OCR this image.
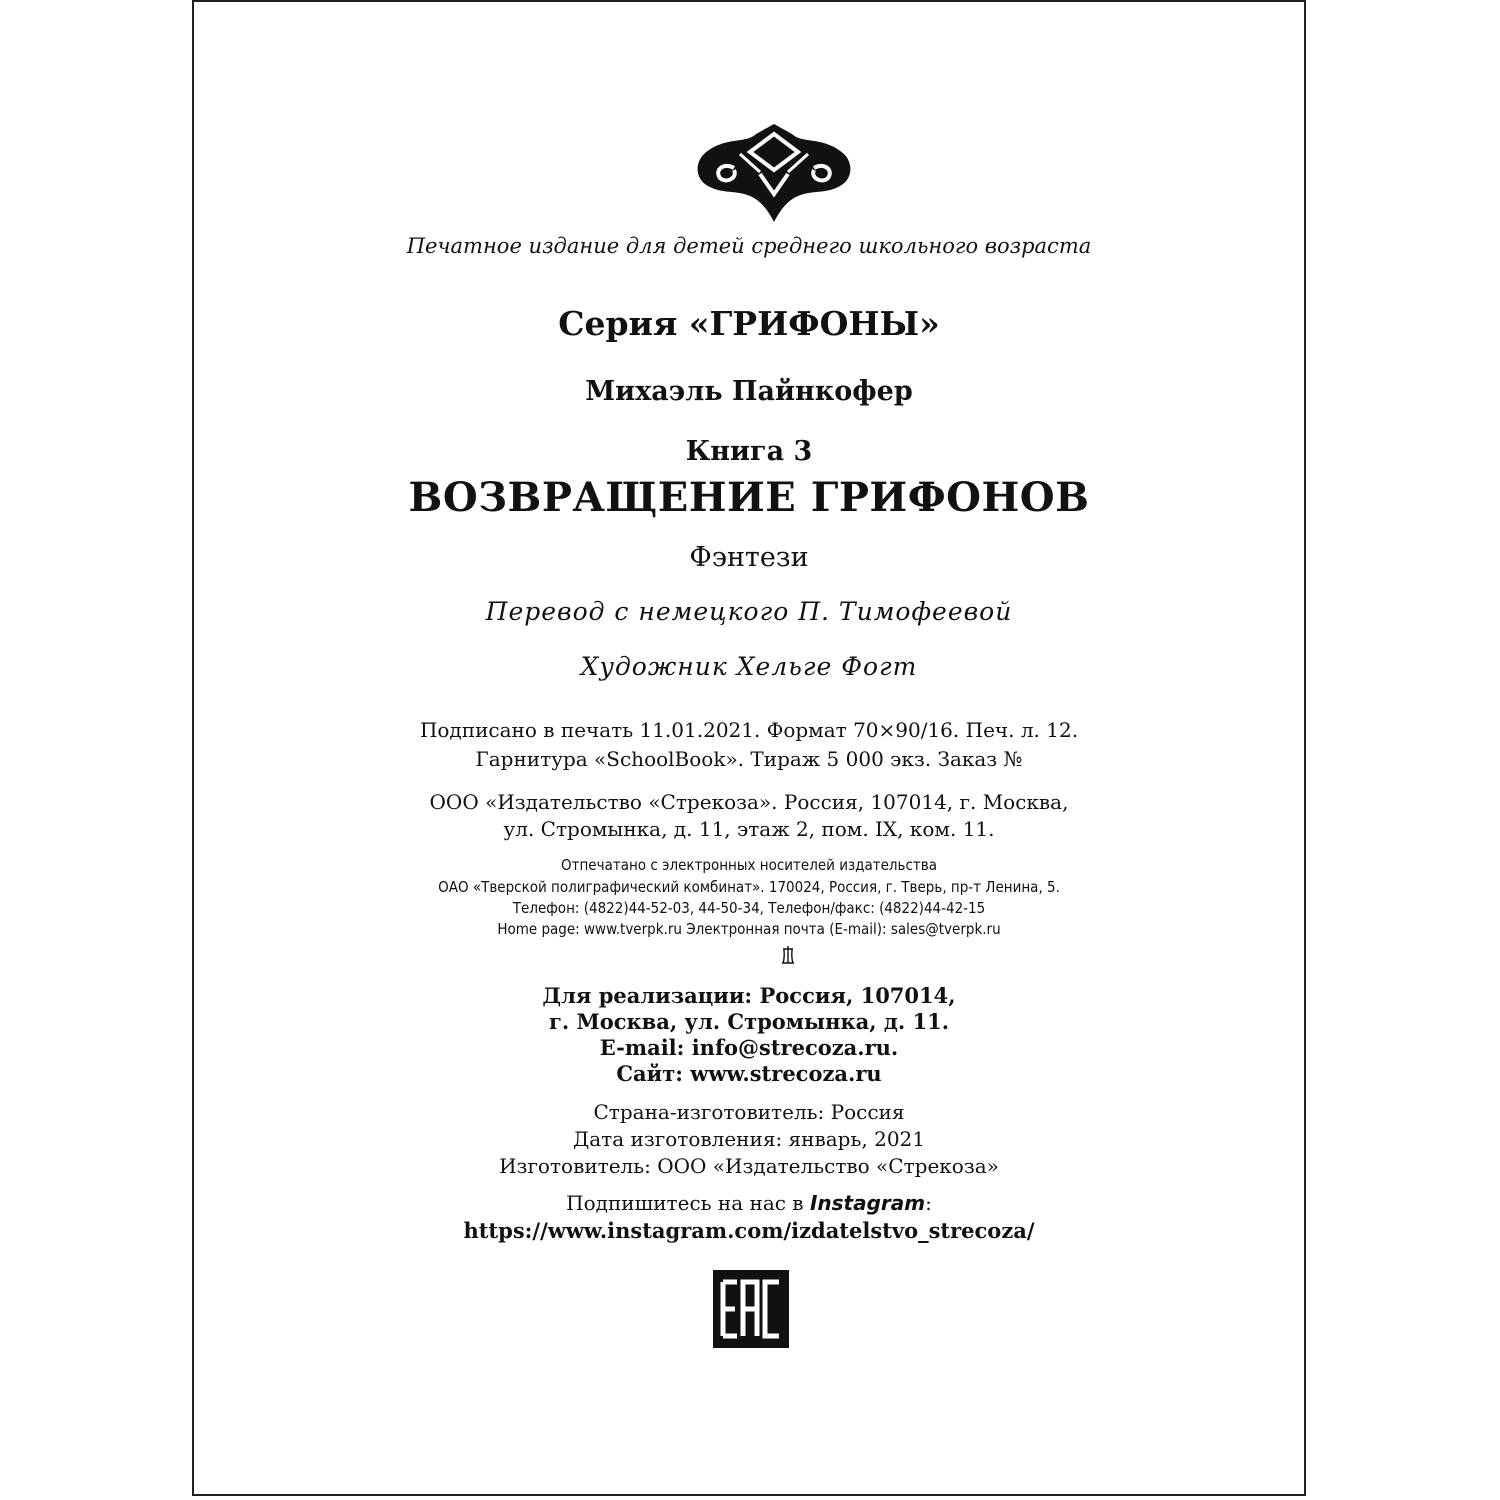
Печатное издание для детей среднего школьного возраста
Серия «ГРИФОНЫ»
Михаэль Пайнкофер
Книга 3
ВОЗВРАЩЕНИЕ ГРИФОНОВ
Фэнтези
Перевод с немецкого П. Тимофеевой
Художник Хельге Фогт
Подписано в печать 11.01.2021. Формат 70×90/16. Печ. л. 12.
Гарнитура «SchoolBook». Тираж 5 000 экз. Заказ №
ООО «Издательство «Стрекоза». Россия, 107014, г. Москва,
ул. Стромынка, д. 11, этаж 2, пом. IX, ком. 11.
Отпечатано с электронных носителей издательства
ОАО «Тверской полиграфический комбинат». 170024, Россия, г. Тверь, пр-т Ленина, 5.
Телефон: (4822)44-52-03, 44-50-34, Телефон/факс: (4822)44-42-15
Home page: www.tverpk.ru Электронная почта (E-mail): sales@tverpk.ru
Для реализации: Россия, 107014,
г. Москва, ул. Стромынка, д. 11.
E-mail: info@strecoza.ru.
Сайт: www.strecoza.ru
Страна-изготовитель: Россия
Дата изготовления: январь, 2021
Изготовитель: ООО «Издательство «Стрекоза»
Подпишитесь на нас в Instagram:
https://www.instagram.com/izdatelstvo_strecoza/
